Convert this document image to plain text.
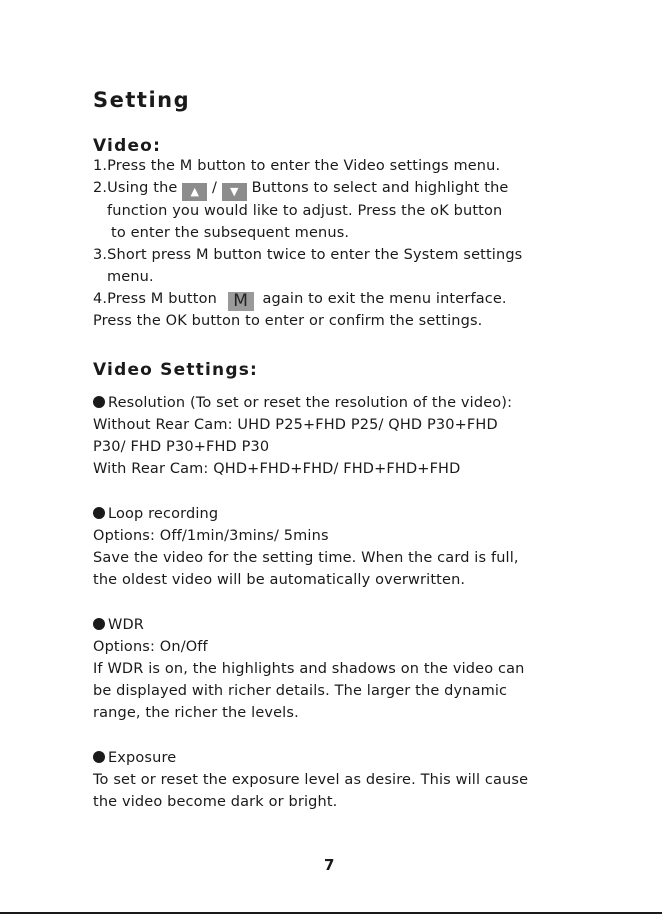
Setting
Video:
1.Press the M button to enter the Video settings menu.
2.Using the ▲ / ▼ Buttons to select and highlight the
function you would like to adjust. Press the oK button
to enter the subsequent menus.
3.Short press M button twice to enter the System settings
menu.
4.Press M button M again to exit the menu interface.
Press the OK button to enter or confirm the settings.
Video Settings:
Resolution (To set or reset the resolution of the video):
Without Rear Cam: UHD P25+FHD P25/ QHD P30+FHD
P30/ FHD P30+FHD P30
With Rear Cam: QHD+FHD+FHD/ FHD+FHD+FHD
Loop recording
Options: Off/1min/3mins/ 5mins
Save the video for the setting time. When the card is full,
the oldest video will be automatically overwritten.
WDR
Options: On/Off
If WDR is on, the highlights and shadows on the video can
be displayed with richer details. The larger the dynamic
range, the richer the levels.
Exposure
To set or reset the exposure level as desire. This will cause
the video become dark or bright.
7
